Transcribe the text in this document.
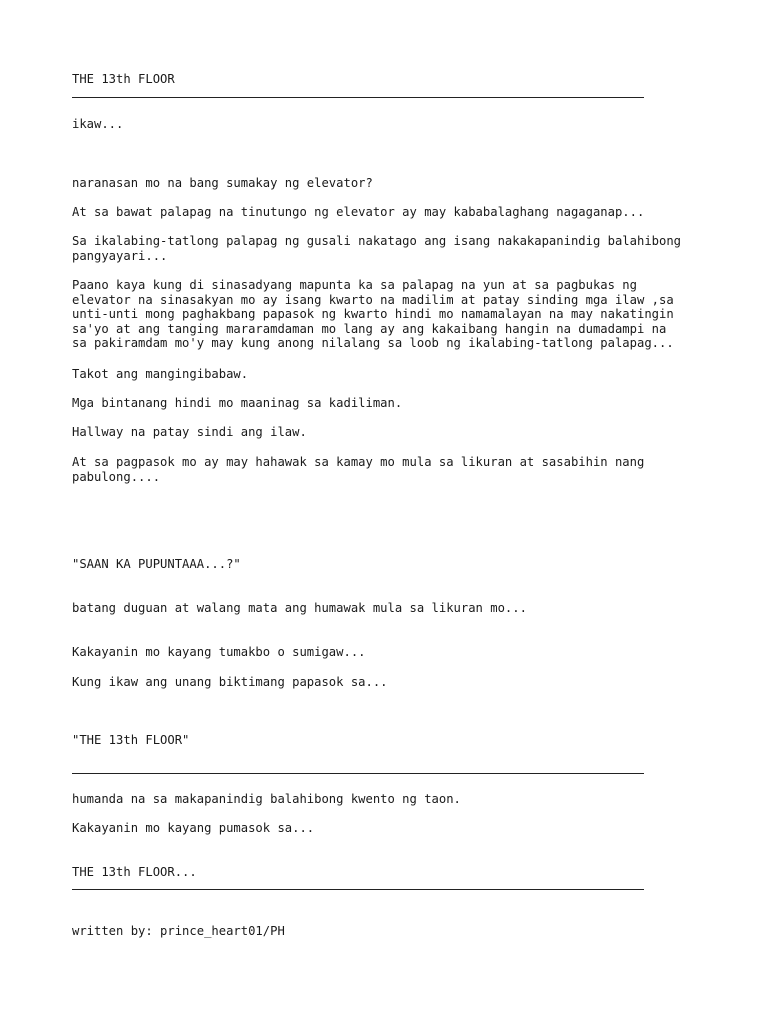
THE 13th FLOOR

ikaw...

naranasan mo na bang sumakay ng elevator?

At sa bawat palapag na tinutungo ng elevator ay may kababalaghang nagaganap...

Sa ikalabing-tatlong palapag ng gusali nakatago ang isang nakakapanindig balahibong
pangyayari...

Paano kaya kung di sinasadyang mapunta ka sa palapag na yun at sa pagbukas ng
elevator na sinasakyan mo ay isang kwarto na madilim at patay sinding mga ilaw ,sa
unti-unti mong paghakbang papasok ng kwarto hindi mo namamalayan na may nakatingin
sa'yo at ang tanging mararamdaman mo lang ay ang kakaibang hangin na dumadampi na
sa pakiramdam mo'y may kung anong nilalang sa loob ng ikalabing-tatlong palapag...

Takot ang mangingibabaw.

Mga bintanang hindi mo maaninag sa kadiliman.

Hallway na patay sindi ang ilaw.

At sa pagpasok mo ay may hahawak sa kamay mo mula sa likuran at sasabihin nang
pabulong....

"SAAN KA PUPUNTAAA...?"

batang duguan at walang mata ang humawak mula sa likuran mo...

Kakayanin mo kayang tumakbo o sumigaw...

Kung ikaw ang unang biktimang papasok sa...

"THE 13th FLOOR"

humanda na sa makapanindig balahibong kwento ng taon.

Kakayanin mo kayang pumasok sa...

THE 13th FLOOR...

written by: prince_heart01/PH
